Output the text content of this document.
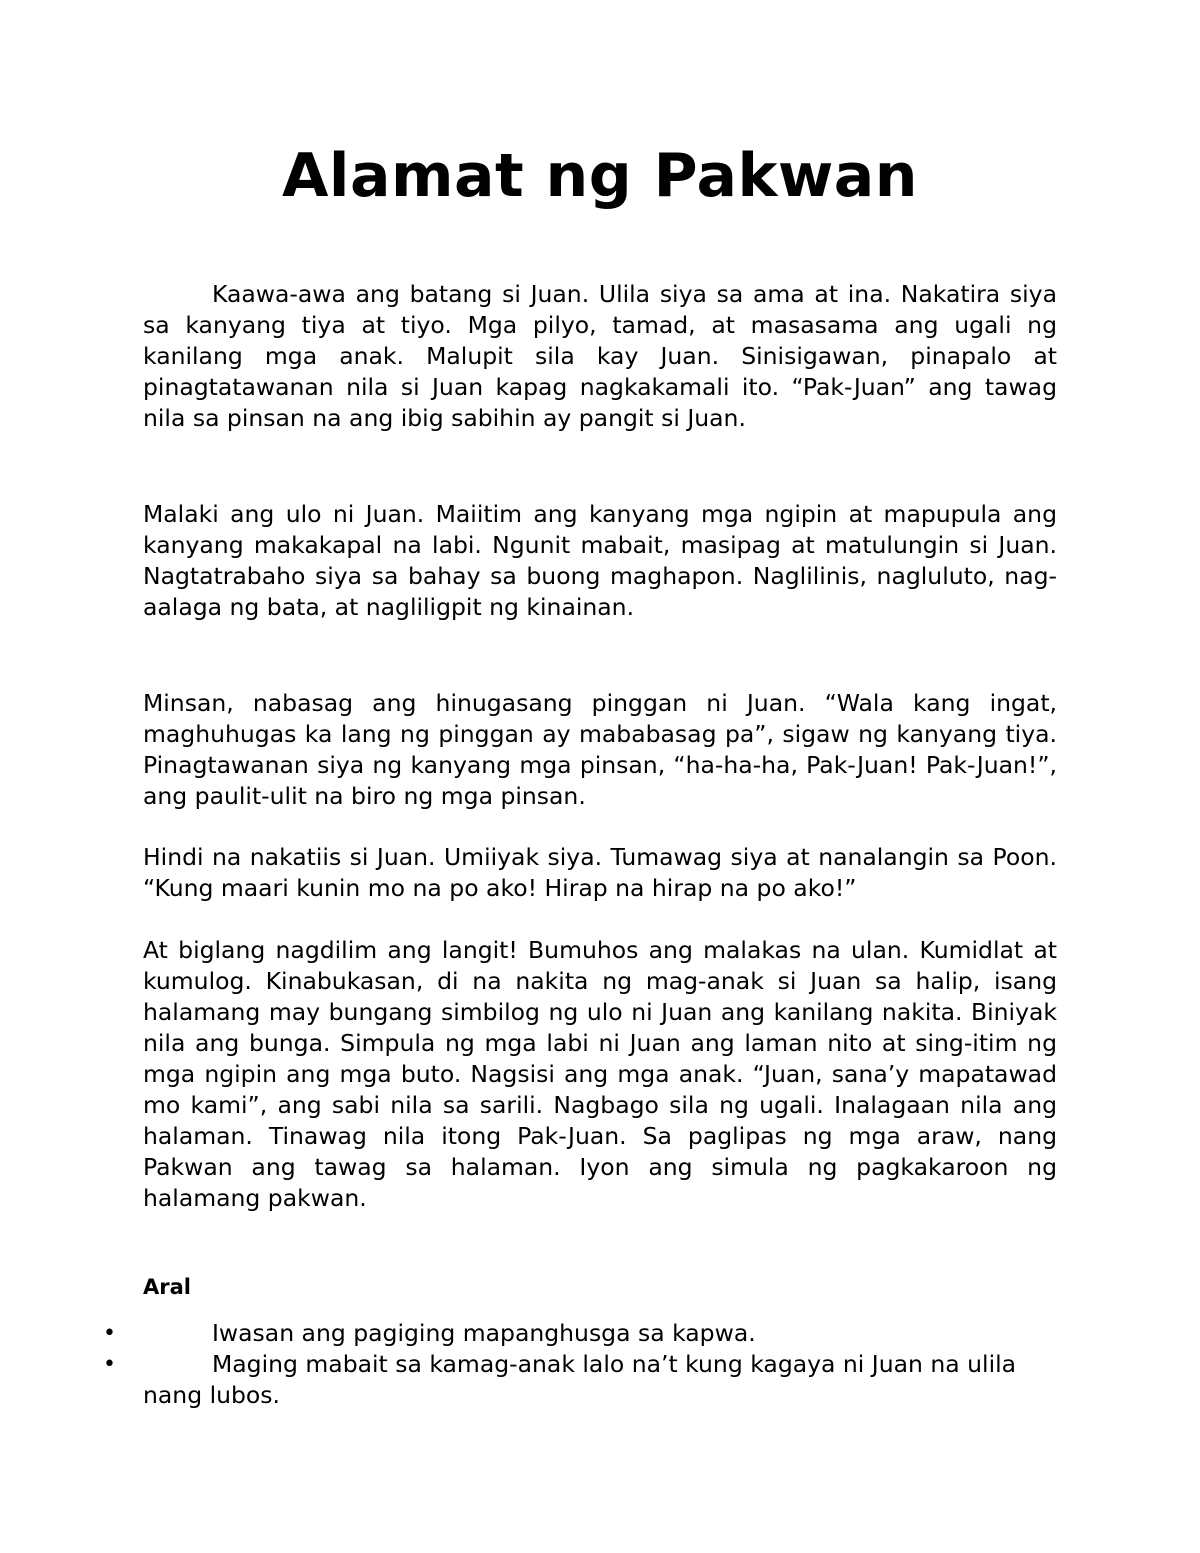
Alamat ng Pakwan

Kaawa-awa ang batang si Juan. Ulila siya sa ama at ina. Nakatira siya sa kanyang tiya at tiyo. Mga pilyo, tamad, at masasama ang ugali ng kanilang mga anak. Malupit sila kay Juan. Sinisigawan, pinapalo at pinagtatawanan nila si Juan kapag nagkakamali ito. “Pak-Juan” ang tawag nila sa pinsan na ang ibig sabihin ay pangit si Juan.

Malaki ang ulo ni Juan. Maiitim ang kanyang mga ngipin at mapupula ang kanyang makakapal na labi. Ngunit mabait, masipag at matulungin si Juan. Nagtatrabaho siya sa bahay sa buong maghapon. Naglilinis, nagluluto, nag-aalaga ng bata, at nagliligpit ng kinainan.

Minsan, nabasag ang hinugasang pinggan ni Juan. “Wala kang ingat, maghuhugas ka lang ng pinggan ay mababasag pa”, sigaw ng kanyang tiya. Pinagtawanan siya ng kanyang mga pinsan, “ha-ha-ha, Pak-Juan! Pak-Juan!”, ang paulit-ulit na biro ng mga pinsan.

Hindi na nakatiis si Juan. Umiiyak siya. Tumawag siya at nanalangin sa Poon. “Kung maari kunin mo na po ako! Hirap na hirap na po ako!”

At biglang nagdilim ang langit! Bumuhos ang malakas na ulan. Kumidlat at kumulog. Kinabukasan, di na nakita ng mag-anak si Juan sa halip, isang halamang may bungang simbilog ng ulo ni Juan ang kanilang nakita. Biniyak nila ang bunga. Simpula ng mga labi ni Juan ang laman nito at sing-itim ng mga ngipin ang mga buto. Nagsisi ang mga anak. “Juan, sana’y mapatawad mo kami”, ang sabi nila sa sarili. Nagbago sila ng ugali. Inalagaan nila ang halaman. Tinawag nila itong Pak-Juan. Sa paglipas ng mga araw, nang Pakwan ang tawag sa halaman. Iyon ang simula ng pagkakaroon ng halamang pakwan.

Aral

•	Iwasan ang pagiging mapanghusga sa kapwa.
•	Maging mabait sa kamag-anak lalo na’t kung kagaya ni Juan na ulila nang lubos.
